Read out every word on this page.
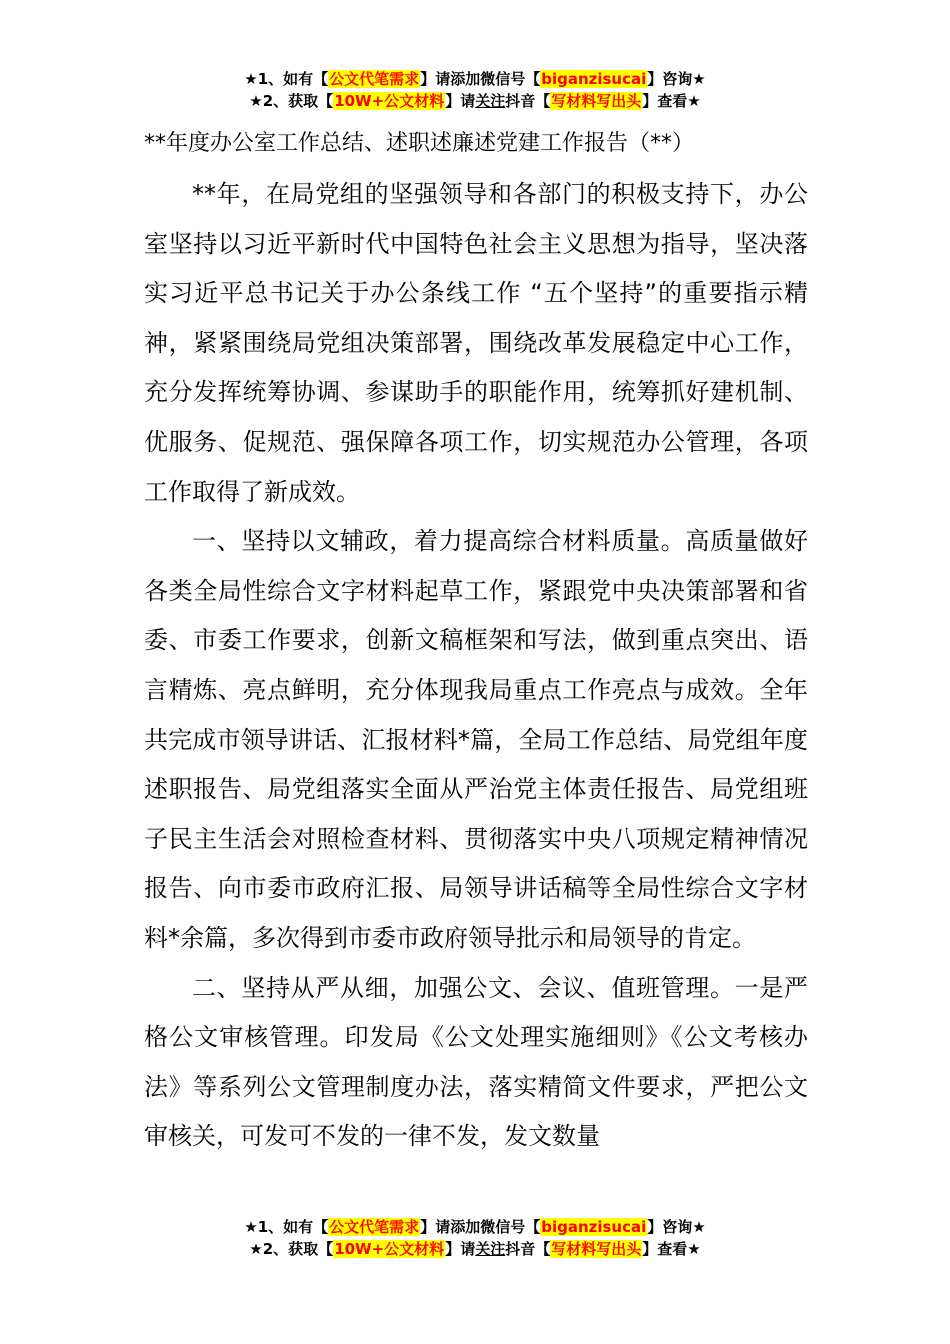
★1、如有【公文代笔需求】请添加微信号【biganzisucai】咨询★
★2、获取【10W+公文材料】请关注抖音【写材料写出头】查看★
**年度办公室工作总结、述职述廉述党建工作报告（**）

**年，在局党组的坚强领导和各部门的积极支持下，办公室坚持以习近平新时代中国特色社会主义思想为指导，坚决落实习近平总书记关于办公条线工作 “五个坚持”的重要指示精神，紧紧围绕局党组决策部署，围绕改革发展稳定中心工作，充分发挥统筹协调、参谋助手的职能作用，统筹抓好建机制、优服务、促规范、强保障各项工作，切实规范办公管理，各项工作取得了新成效。

一、坚持以文辅政，着力提高综合材料质量。高质量做好各类全局性综合文字材料起草工作，紧跟党中央决策部署和省委、市委工作要求，创新文稿框架和写法，做到重点突出、语言精炼、亮点鲜明，充分体现我局重点工作亮点与成效。全年共完成市领导讲话、汇报材料*篇，全局工作总结、局党组年度述职报告、局党组落实全面从严治党主体责任报告、局党组班子民主生活会对照检查材料、贯彻落实中央八项规定精神情况报告、向市委市政府汇报、局领导讲话稿等全局性综合文字材料*余篇，多次得到市委市政府领导批示和局领导的肯定。

二、坚持从严从细，加强公文、会议、值班管理。一是严格公文审核管理。印发局《公文处理实施细则》《公文考核办法》等系列公文管理制度办法，落实精简文件要求，严把公文审核关，可发可不发的一律不发，发文数量

★1、如有【公文代笔需求】请添加微信号【biganzisucai】咨询★
★2、获取【10W+公文材料】请关注抖音【写材料写出头】查看★
